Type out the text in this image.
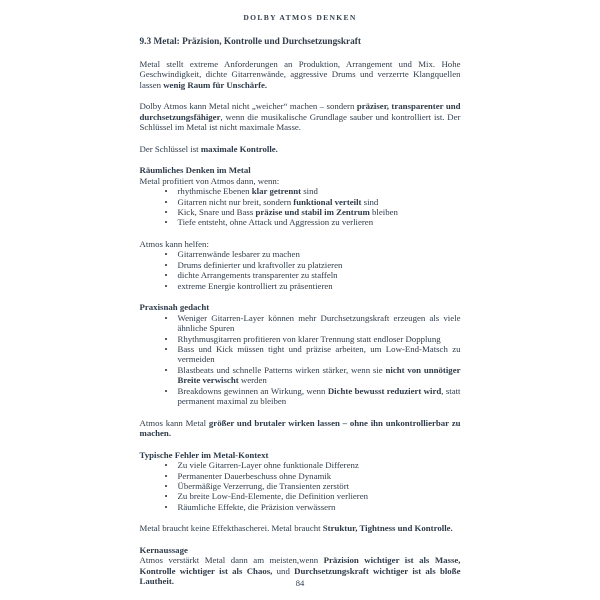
DOLBY ATMOS DENKEN

9.3 Metal: Präzision, Kontrolle und Durchsetzungskraft

Metal stellt extreme Anforderungen an Produktion, Arrangement und Mix. Hohe Geschwindigkeit, dichte Gitarrenwände, aggressive Drums und verzerrte Klangquellen lassen wenig Raum für Unschärfe.

Dolby Atmos kann Metal nicht „weicher“ machen – sondern präziser, transparenter und durchsetzungsfähiger, wenn die musikalische Grundlage sauber und kontrolliert ist. Der Schlüssel im Metal ist nicht maximale Masse.

Der Schlüssel ist maximale Kontrolle.

Räumliches Denken im Metal

Metal profitiert von Atmos dann, wenn:

• rhythmische Ebenen klar getrennt sind
• Gitarren nicht nur breit, sondern funktional verteilt sind
• Kick, Snare und Bass präzise und stabil im Zentrum bleiben
• Tiefe entsteht, ohne Attack und Aggression zu verlieren

Atmos kann helfen:

• Gitarrenwände lesbarer zu machen
• Drums definierter und kraftvoller zu platzieren
• dichte Arrangements transparenter zu staffeln
• extreme Energie kontrolliert zu präsentieren

Praxisnah gedacht

• Weniger Gitarren-Layer können mehr Durchsetzungskraft erzeugen als viele ähnliche Spuren
• Rhythmusgitarren profitieren von klarer Trennung statt endloser Dopplung
• Bass und Kick müssen tight und präzise arbeiten, um Low-End-Matsch zu vermeiden
• Blastbeats und schnelle Patterns wirken stärker, wenn sie nicht von unnötiger Breite verwischt werden
• Breakdowns gewinnen an Wirkung, wenn Dichte bewusst reduziert wird, statt permanent maximal zu bleiben

Atmos kann Metal größer und brutaler wirken lassen – ohne ihn unkontrollierbar zu machen.

Typische Fehler im Metal-Kontext

• Zu viele Gitarren-Layer ohne funktionale Differenz
• Permanenter Dauerbeschuss ohne Dynamik
• Übermäßige Verzerrung, die Transienten zerstört
• Zu breite Low-End-Elemente, die Definition verlieren
• Räumliche Effekte, die Präzision verwässern

Metal braucht keine Effekthascherei. Metal braucht Struktur, Tightness und Kontrolle.

Kernaussage

Atmos verstärkt Metal dann am meisten,wenn Präzision wichtiger ist als Masse, Kontrolle wichtiger ist als Chaos, und Durchsetzungskraft wichtiger ist als bloße Lautheit.	84
